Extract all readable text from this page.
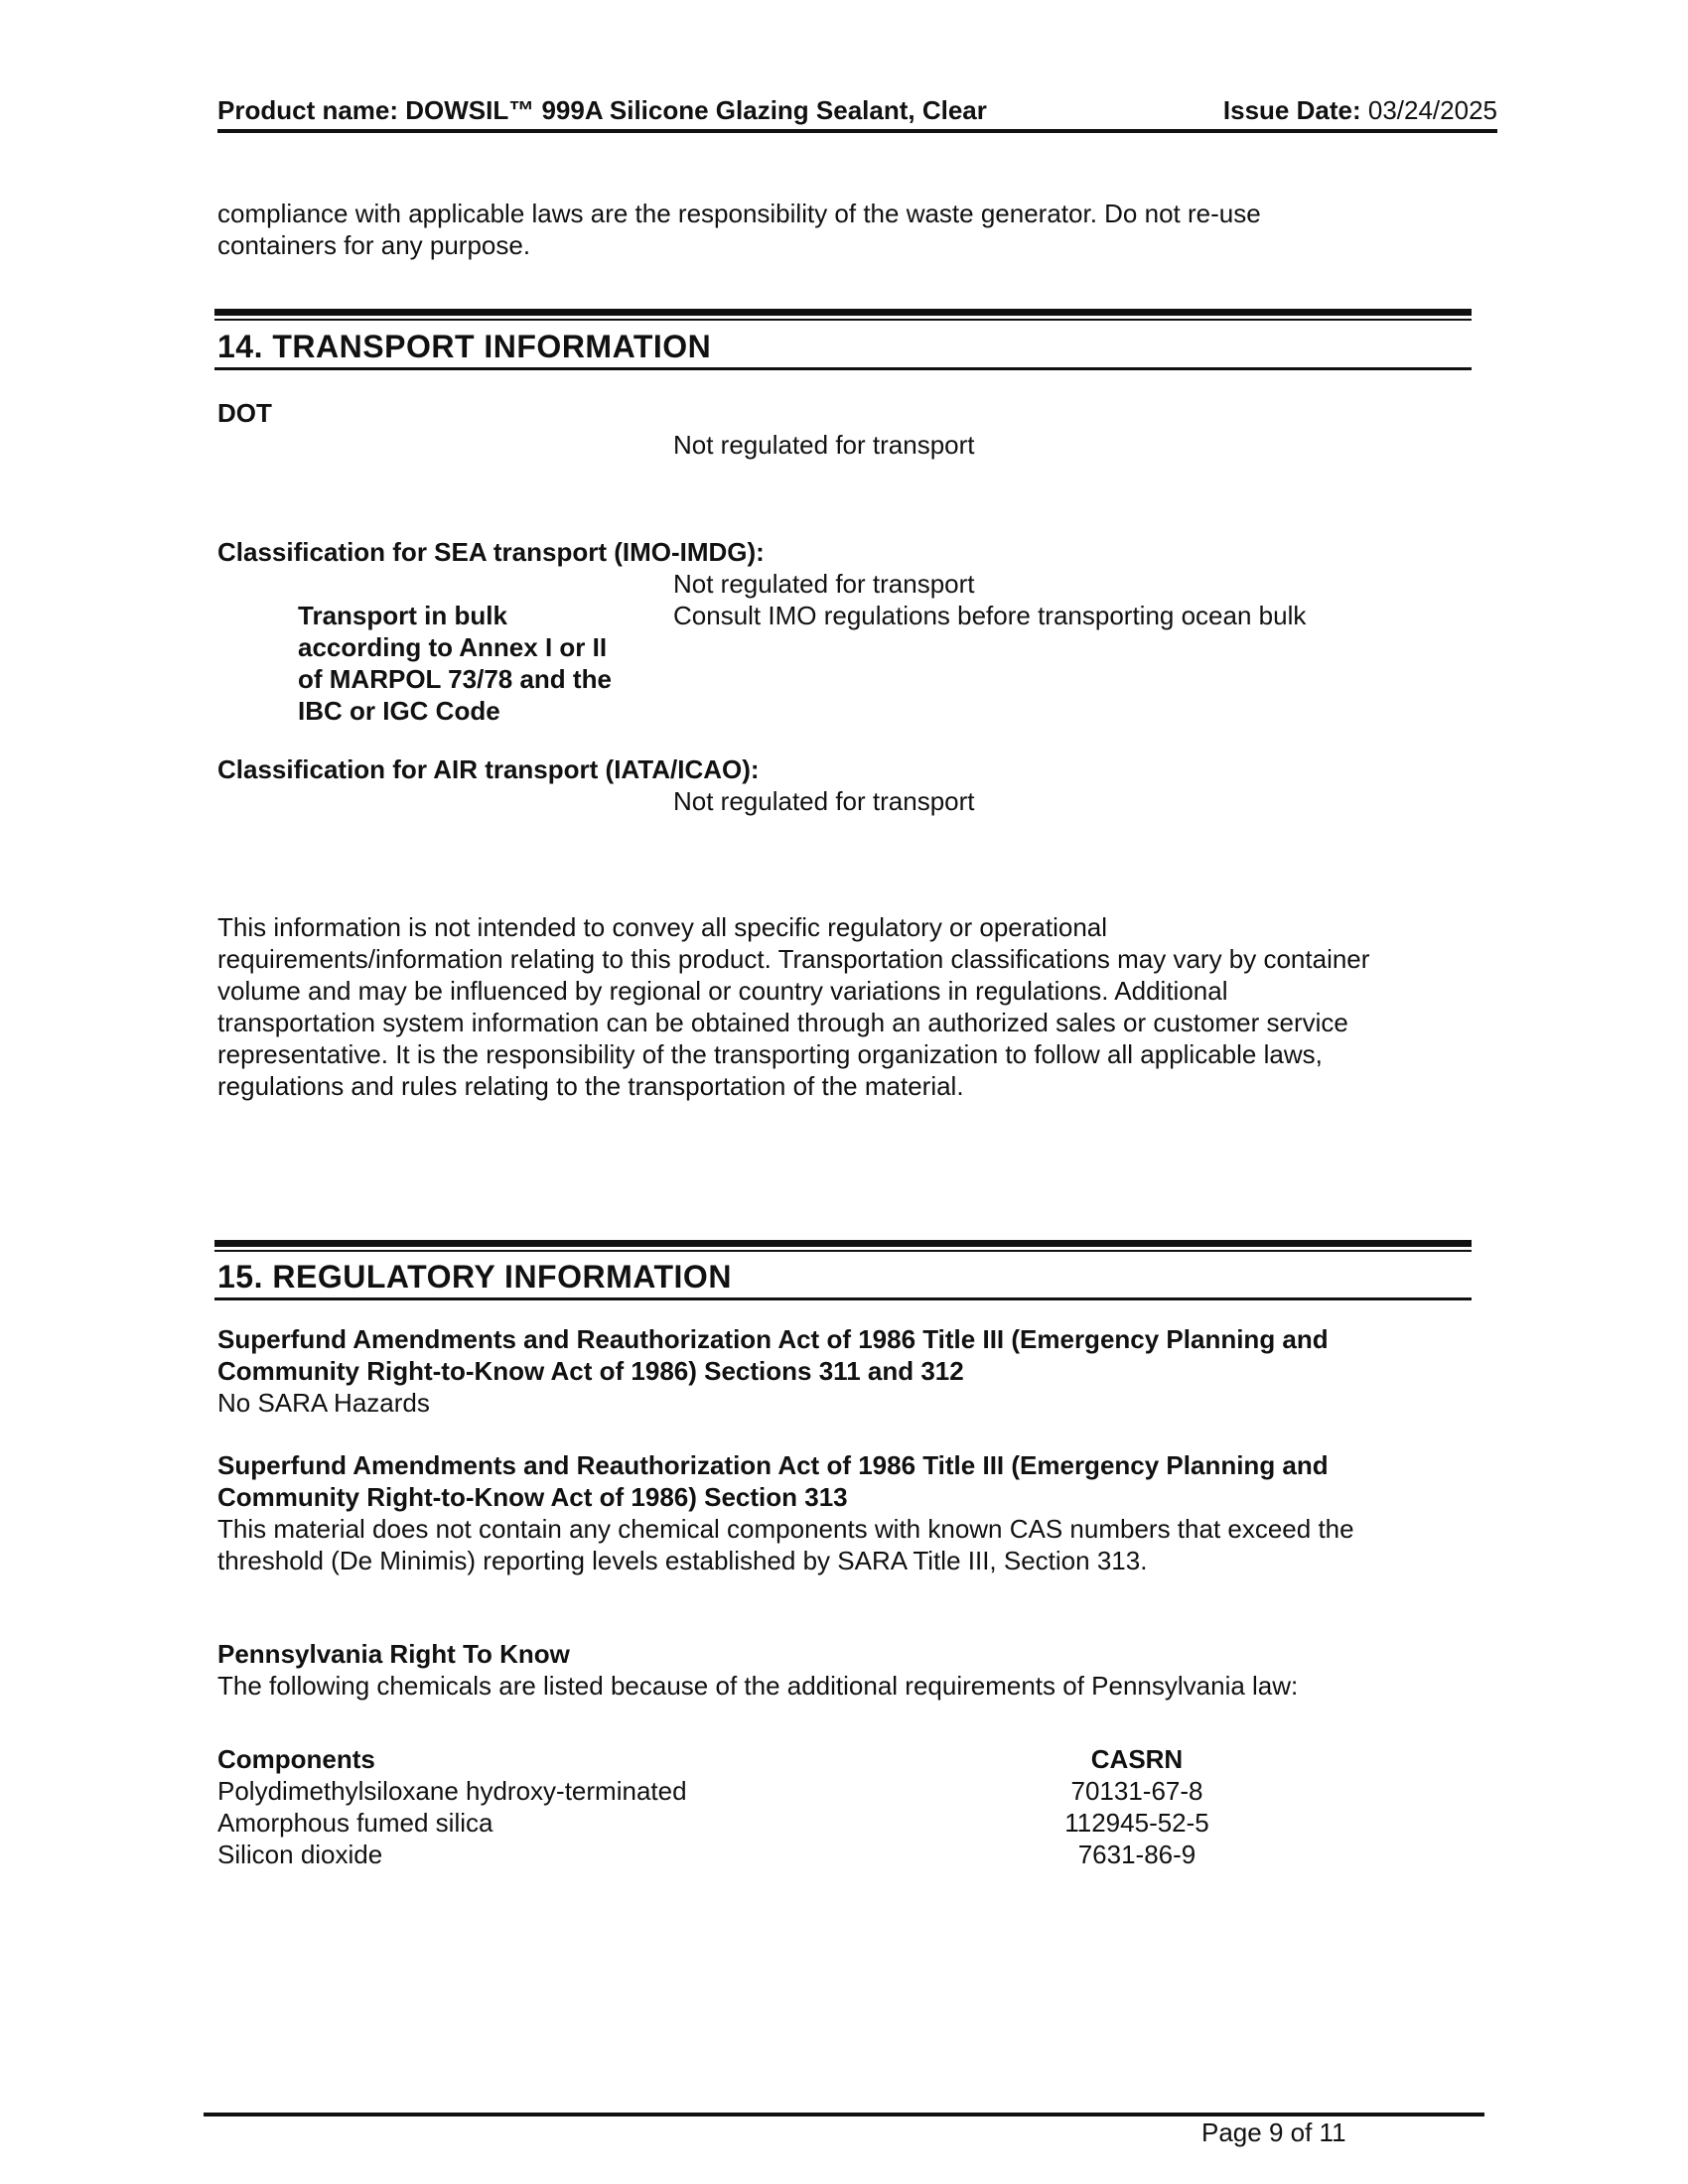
Product name: DOWSIL™ 999A Silicone Glazing Sealant, Clear	Issue Date: 03/24/2025
compliance with applicable laws are the responsibility of the waste generator. Do not re-use
containers for any purpose.
14. TRANSPORT INFORMATION
DOT
Not regulated for transport
Classification for SEA transport (IMO-IMDG):
Not regulated for transport
Transport in bulk
according to Annex I or II
of MARPOL 73/78 and the
IBC or IGC Code
Consult IMO regulations before transporting ocean bulk
Classification for AIR transport (IATA/ICAO):
Not regulated for transport
This information is not intended to convey all specific regulatory or operational
requirements/information relating to this product. Transportation classifications may vary by container
volume and may be influenced by regional or country variations in regulations. Additional
transportation system information can be obtained through an authorized sales or customer service
representative. It is the responsibility of the transporting organization to follow all applicable laws,
regulations and rules relating to the transportation of the material.
15. REGULATORY INFORMATION
Superfund Amendments and Reauthorization Act of 1986 Title III (Emergency Planning and
Community Right-to-Know Act of 1986) Sections 311 and 312
No SARA Hazards
Superfund Amendments and Reauthorization Act of 1986 Title III (Emergency Planning and
Community Right-to-Know Act of 1986) Section 313
This material does not contain any chemical components with known CAS numbers that exceed the
threshold (De Minimis) reporting levels established by SARA Title III, Section 313.
Pennsylvania Right To Know
The following chemicals are listed because of the additional requirements of Pennsylvania law:
Components	CASRN
Polydimethylsiloxane hydroxy-terminated	70131-67-8
Amorphous fumed silica	112945-52-5
Silicon dioxide	7631-86-9
Page 9 of 11
